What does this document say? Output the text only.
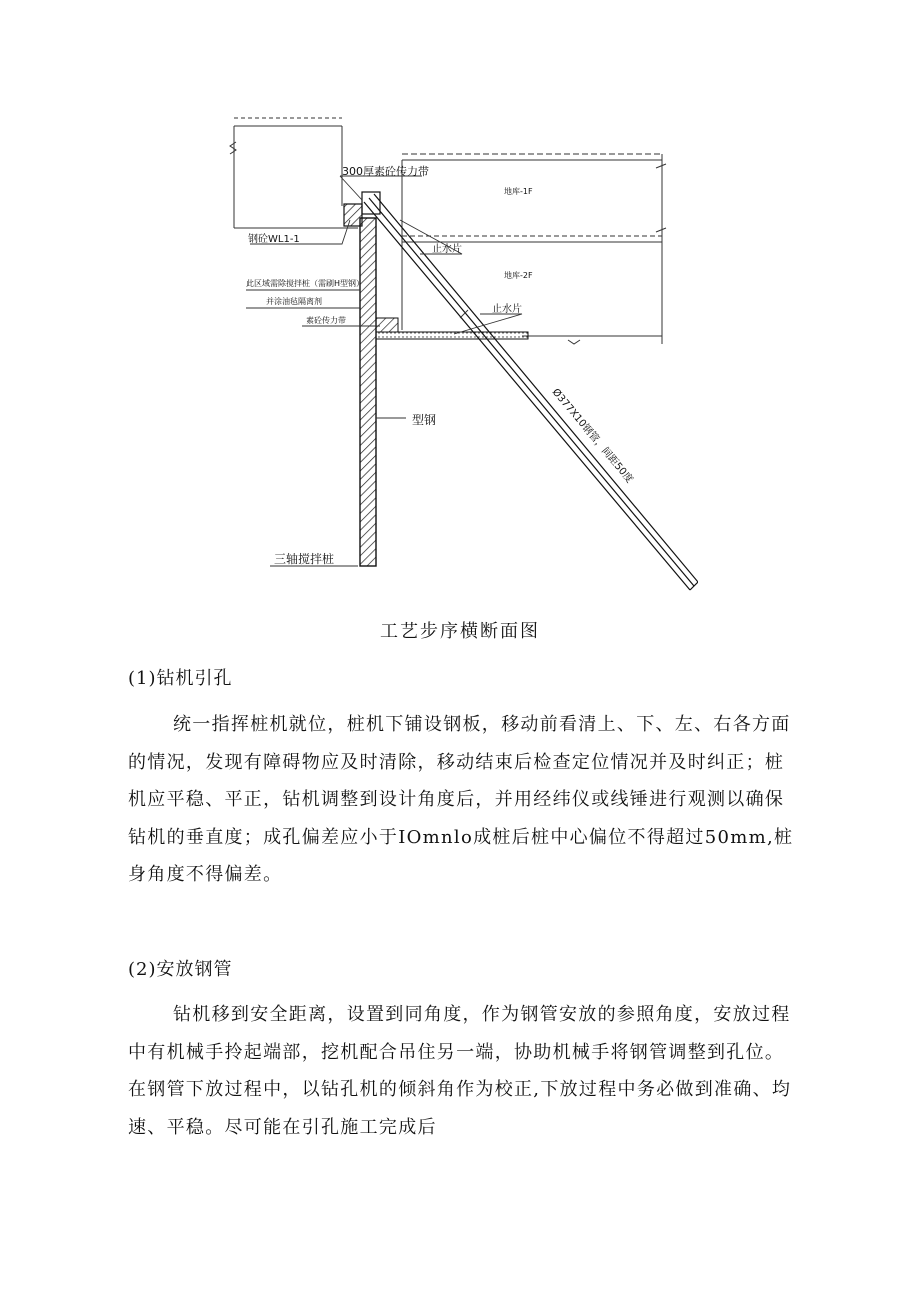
300厚素砼传力带
钢砼WL1-1
地库-1F
地库-2F
止水片
止水片
此区域需除搅拌桩（需刷H型钢）
并涂油毡隔离剂
素砼传力带
型钢	Ø377X10钢管，间距50度
三轴搅拌桩
工艺步序横断面图
(1)钻机引孔

统一指挥桩机就位，桩机下铺设钢板，移动前看清上、下、左、右各方面的情况，发现有障碍物应及时清除，移动结束后检查定位情况并及时纠正；桩机应平稳、平正，钻机调整到设计角度后，并用经纬仪或线锤进行观测以确保钻机的垂直度；成孔偏差应小于IOmnlo成桩后桩中心偏位不得超过50mm,桩身角度不得偏差。

(2)安放钢管

钻机移到安全距离，设置到同角度，作为钢管安放的参照角度，安放过程中有机械手拎起端部，挖机配合吊住另一端，协助机械手将钢管调整到孔位。在钢管下放过程中，以钻孔机的倾斜角作为校正,下放过程中务必做到准确、均速、平稳。尽可能在引孔施工完成后
